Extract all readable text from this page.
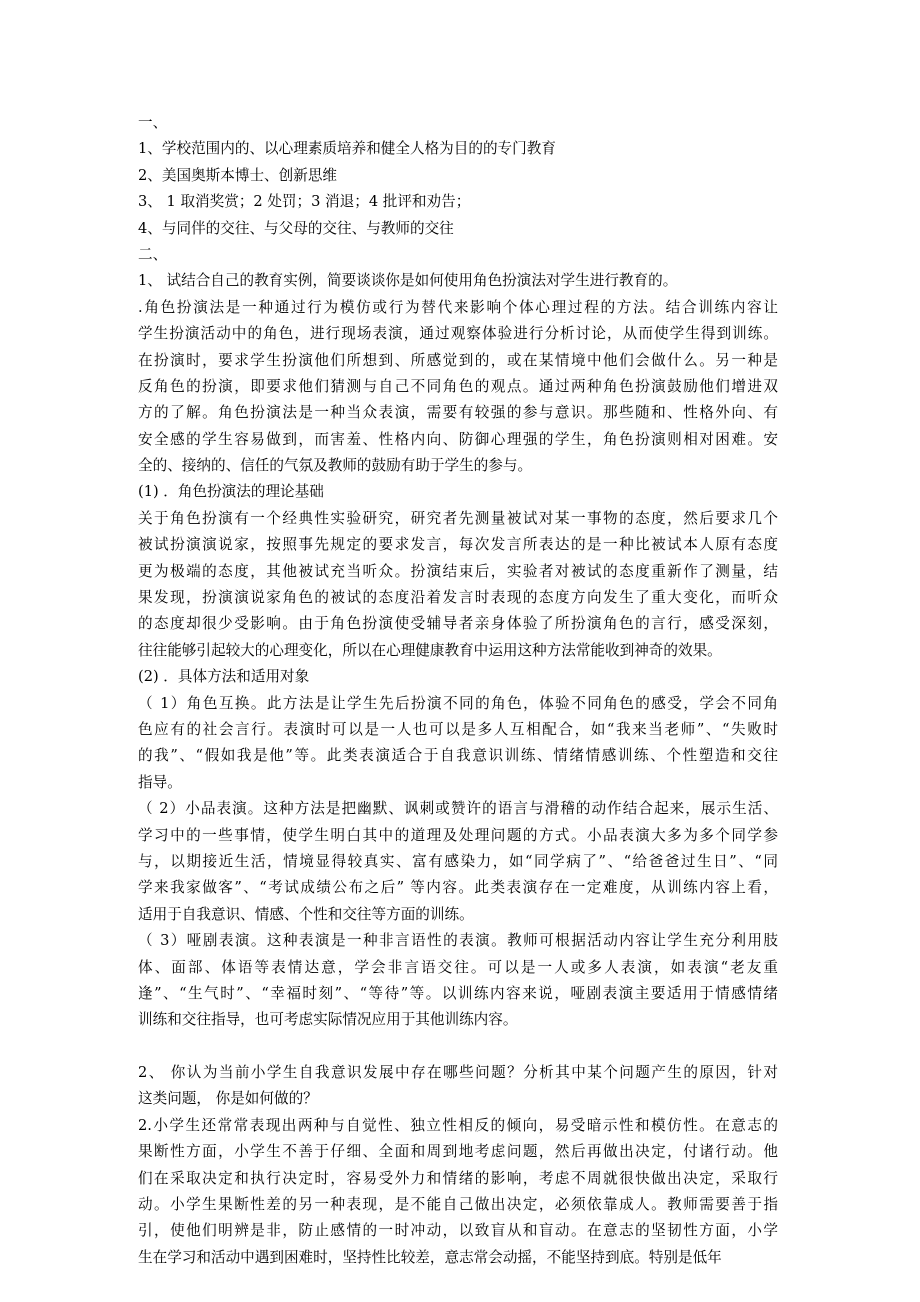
一、
1、学校范围内的、以心理素质培养和健全人格为目的的专门教育
2、美国奥斯本博士、创新思维
3、 1 取消奖赏；2 处罚；3 消退；4 批评和劝告；
4、与同伴的交往、与父母的交往、与教师的交往
二、
1、 试结合自己的教育实例，简要谈谈你是如何使用角色扮演法对学生进行教育的。
.角色扮演法是一种通过行为模仿或行为替代来影响个体心理过程的方法。结合训练内容让
学生扮演活动中的角色，进行现场表演，通过观察体验进行分析讨论，从而使学生得到训练。
在扮演时，要求学生扮演他们所想到、所感觉到的，或在某情境中他们会做什么。另一种是
反角色的扮演，即要求他们猜测与自己不同角色的观点。通过两种角色扮演鼓励他们增进双
方的了解。角色扮演法是一种当众表演，需要有较强的参与意识。那些随和、性格外向、有
安全感的学生容易做到，而害羞、性格内向、防御心理强的学生，角色扮演则相对困难。安
全的、接纳的、信任的气氛及教师的鼓励有助于学生的参与。
(1) ．角色扮演法的理论基础
关于角色扮演有一个经典性实验研究，研究者先测量被试对某一事物的态度，然后要求几个
被试扮演演说家，按照事先规定的要求发言，每次发言所表达的是一种比被试本人原有态度
更为极端的态度，其他被试充当听众。扮演结束后，实验者对被试的态度重新作了测量，结
果发现，扮演演说家角色的被试的态度沿着发言时表现的态度方向发生了重大变化，而听众
的态度却很少受影响。由于角色扮演使受辅导者亲身体验了所扮演角色的言行，感受深刻，
往往能够引起较大的心理变化，所以在心理健康教育中运用这种方法常能收到神奇的效果。
(2) ．具体方法和适用对象
（ 1）角色互换。此方法是让学生先后扮演不同的角色，体验不同角色的感受，学会不同角
色应有的社会言行。表演时可以是一人也可以是多人互相配合，如“我来当老师”、“失败时
的我”、“假如我是他”等。此类表演适合于自我意识训练、情绪情感训练、个性塑造和交往
指导。
（ 2）小品表演。这种方法是把幽默、讽刺或赞许的语言与滑稽的动作结合起来，展示生活、
学习中的一些事情，使学生明白其中的道理及处理问题的方式。小品表演大多为多个同学参
与，以期接近生活，情境显得较真实、富有感染力，如“同学病了”、“给爸爸过生日”、“同
学来我家做客”、“考试成绩公布之后” 等内容。此类表演存在一定难度，从训练内容上看，
适用于自我意识、情感、个性和交往等方面的训练。
（ 3）哑剧表演。这种表演是一种非言语性的表演。教师可根据活动内容让学生充分利用肢
体、面部、体语等表情达意，学会非言语交往。可以是一人或多人表演，如表演“老友重
逢”、“生气时”、“幸福时刻”、“等待”等。以训练内容来说，哑剧表演主要适用于情感情绪
训练和交往指导，也可考虑实际情况应用于其他训练内容。
2、 你认为当前小学生自我意识发展中存在哪些问题？分析其中某个问题产生的原因，针对
这类问题， 你是如何做的？
2.小学生还常常表现出两种与自觉性、独立性相反的倾向，易受暗示性和模仿性。在意志的
果断性方面，小学生不善于仔细、全面和周到地考虑问题，然后再做出决定，付诸行动。他
们在采取决定和执行决定时，容易受外力和情绪的影响，考虑不周就很快做出决定，采取行
动。小学生果断性差的另一种表现，是不能自己做出决定，必须依靠成人。教师需要善于指
引，使他们明辨是非，防止感情的一时冲动，以致盲从和盲动。在意志的坚韧性方面，小学
生在学习和活动中遇到困难时，坚持性比较差，意志常会动摇，不能坚持到底。特别是低年
